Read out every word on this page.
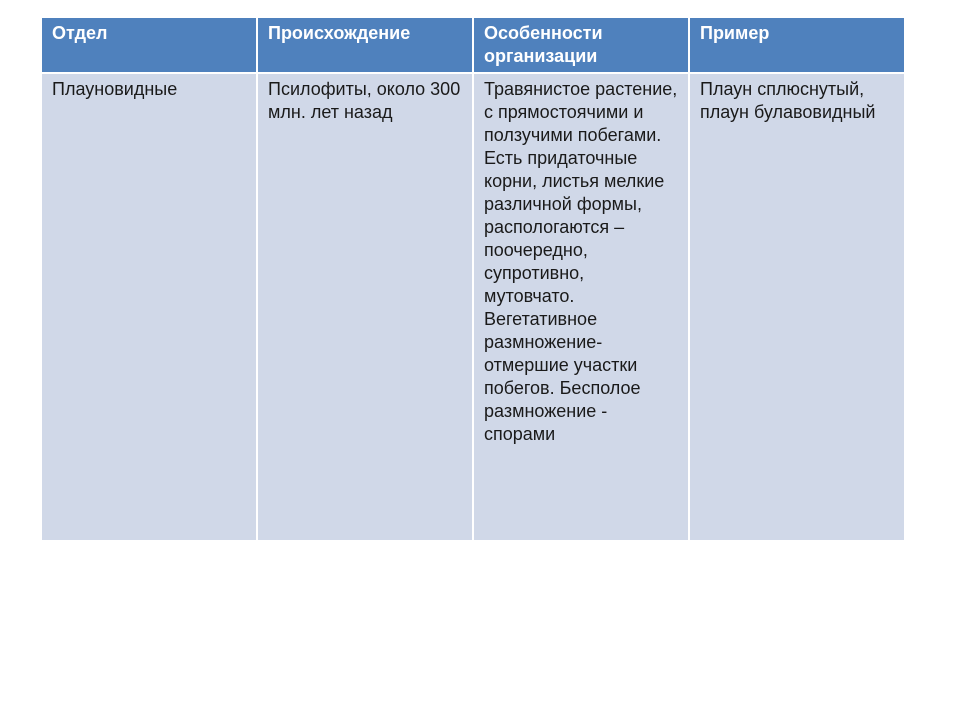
Отдел	Происхождение	Особенности организации	Пример
Плауновидные	Псилофиты, около 300 млн. лет назад	Травянистое растение, с прямостоячими и ползучими побегами. Есть придаточные корни, листья мелкие различной формы, распологаются – поочередно, супротивно, мутовчато. Вегетативное размножение-отмершие участки побегов. Бесполое размножение - спорами	Плаун сплюснутый, плаун булавовидный
